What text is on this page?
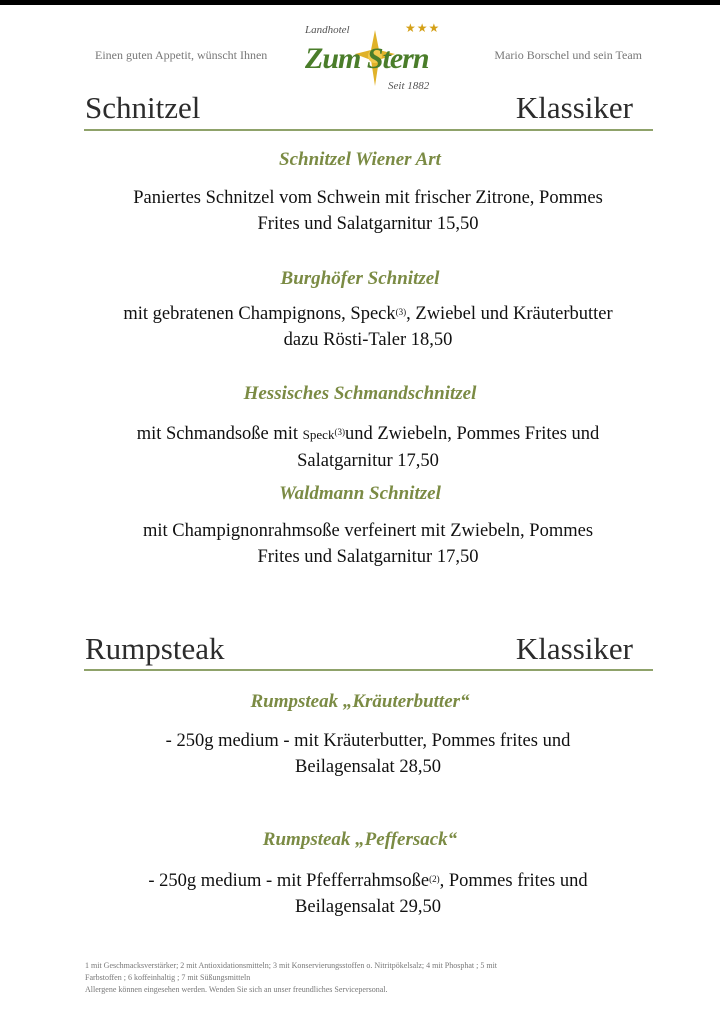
Einen guten Appetit, wünscht Ihnen	Mario Borschel und sein Team
Landhotel	★★★
Zum Stern
Seit 1882
Schnitzel	Klassiker
Schnitzel Wiener Art
Paniertes Schnitzel vom Schwein mit frischer Zitrone, Pommes
Frites und Salatgarnitur 15,50
Burghöfer Schnitzel
mit gebratenen Champignons, Speck$^{(3)}$, Zwiebel und Kräuterbutter
dazu Rösti-Taler 18,50
Hessisches Schmandschnitzel
mit Schmandsoße mit Speck$^{(3)}$und Zwiebeln, Pommes Frites und
Salatgarnitur 17,50
Waldmann Schnitzel
mit Champignonrahmsoße verfeinert mit Zwiebeln, Pommes
Frites und Salatgarnitur 17,50
Rumpsteak	Klassiker
Rumpsteak „Kräuterbutter“
- 250g medium - mit Kräuterbutter, Pommes frites und
Beilagensalat 28,50
Rumpsteak „Peffersack“
- 250g medium - mit Pfefferrahmsoße$^{(2)}$, Pommes frites und
Beilagensalat 29,50
1 mit Geschmacksverstärker; 2 mit Antioxidationsmitteln; 3 mit Konservierungsstoffen o. Nitritpökelsalz; 4 mit Phosphat ; 5 mit
Farbstoffen ; 6 koffeinhaltig ; 7 mit Süßungsmitteln
Allergene können eingesehen werden. Wenden Sie sich an unser freundliches Servicepersonal.
